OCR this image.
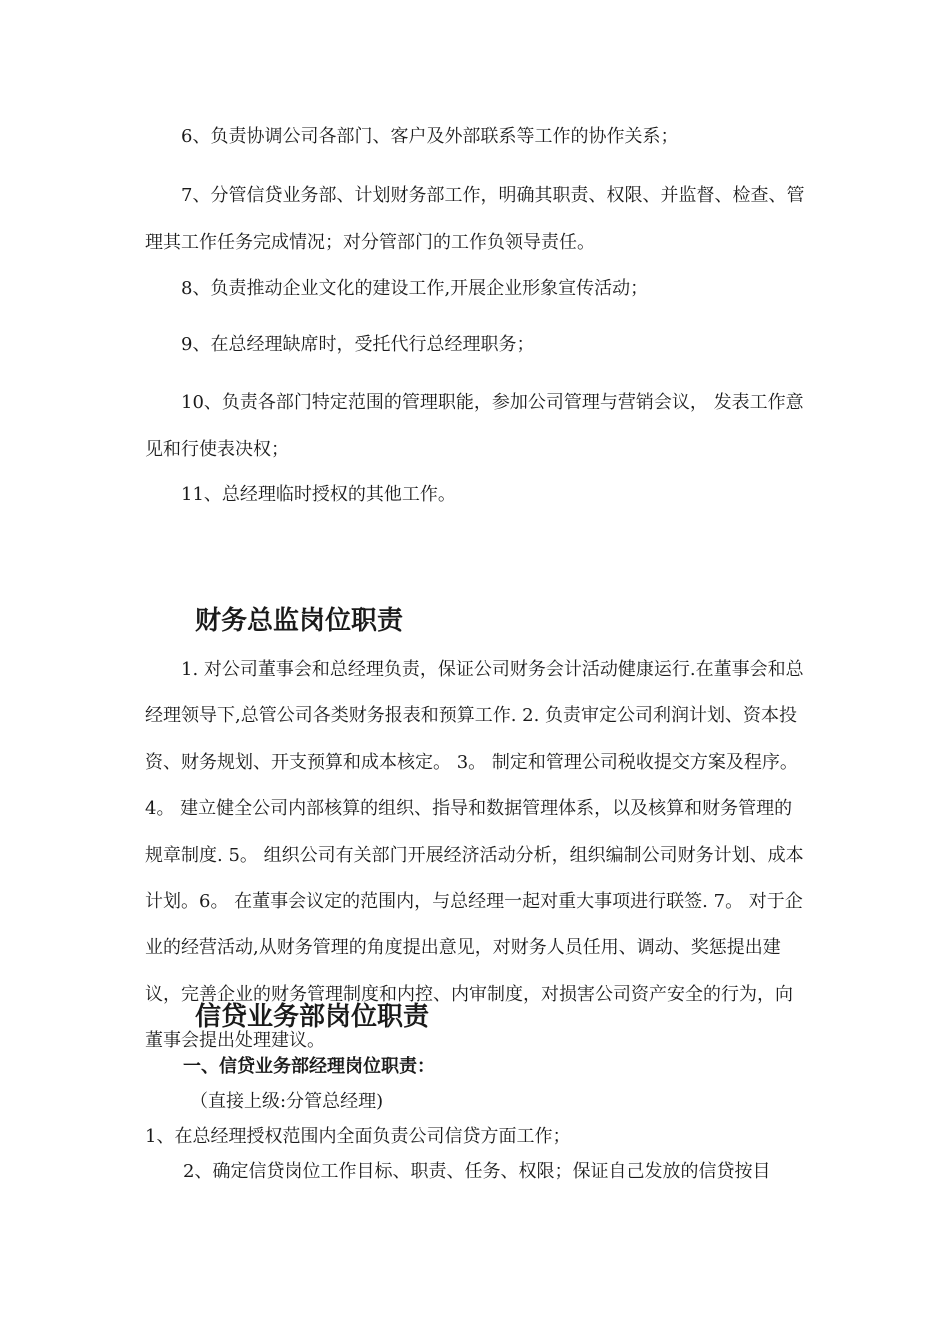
6、负责协调公司各部门、客户及外部联系等工作的协作关系；

7、分管信贷业务部、计划财务部工作，明确其职责、权限、并监督、检查、管理其工作任务完成情况；对分管部门的工作负领导责任。

8、负责推动企业文化的建设工作,开展企业形象宣传活动；

9、在总经理缺席时，受托代行总经理职务；

10、负责各部门特定范围的管理职能，参加公司管理与营销会议， 发表工作意见和行使表决权；

11、总经理临时授权的其他工作。

财务总监岗位职责

1. 对公司董事会和总经理负责，保证公司财务会计活动健康运行.在董事会和总经理领导下,总管公司各类财务报表和预算工作. 2. 负责审定公司利润计划、资本投资、财务规划、开支预算和成本核定。 3。 制定和管理公司税收提交方案及程序。 4。 建立健全公司内部核算的组织、指导和数据管理体系，以及核算和财务管理的规章制度. 5。 组织公司有关部门开展经济活动分析，组织编制公司财务计划、成本计划。6。 在董事会议定的范围内，与总经理一起对重大事项进行联签. 7。 对于企业的经营活动,从财务管理的角度提出意见，对财务人员任用、调动、奖惩提出建议，完善企业的财务管理制度和内控、内审制度，对损害公司资产安全的行为，向董事会提出处理建议。

信贷业务部岗位职责

一、信贷业务部经理岗位职责：

（直接上级:分管总经理)

1、在总经理授权范围内全面负责公司信贷方面工作；

2、确定信贷岗位工作目标、职责、任务、权限；保证自己发放的信贷按目
